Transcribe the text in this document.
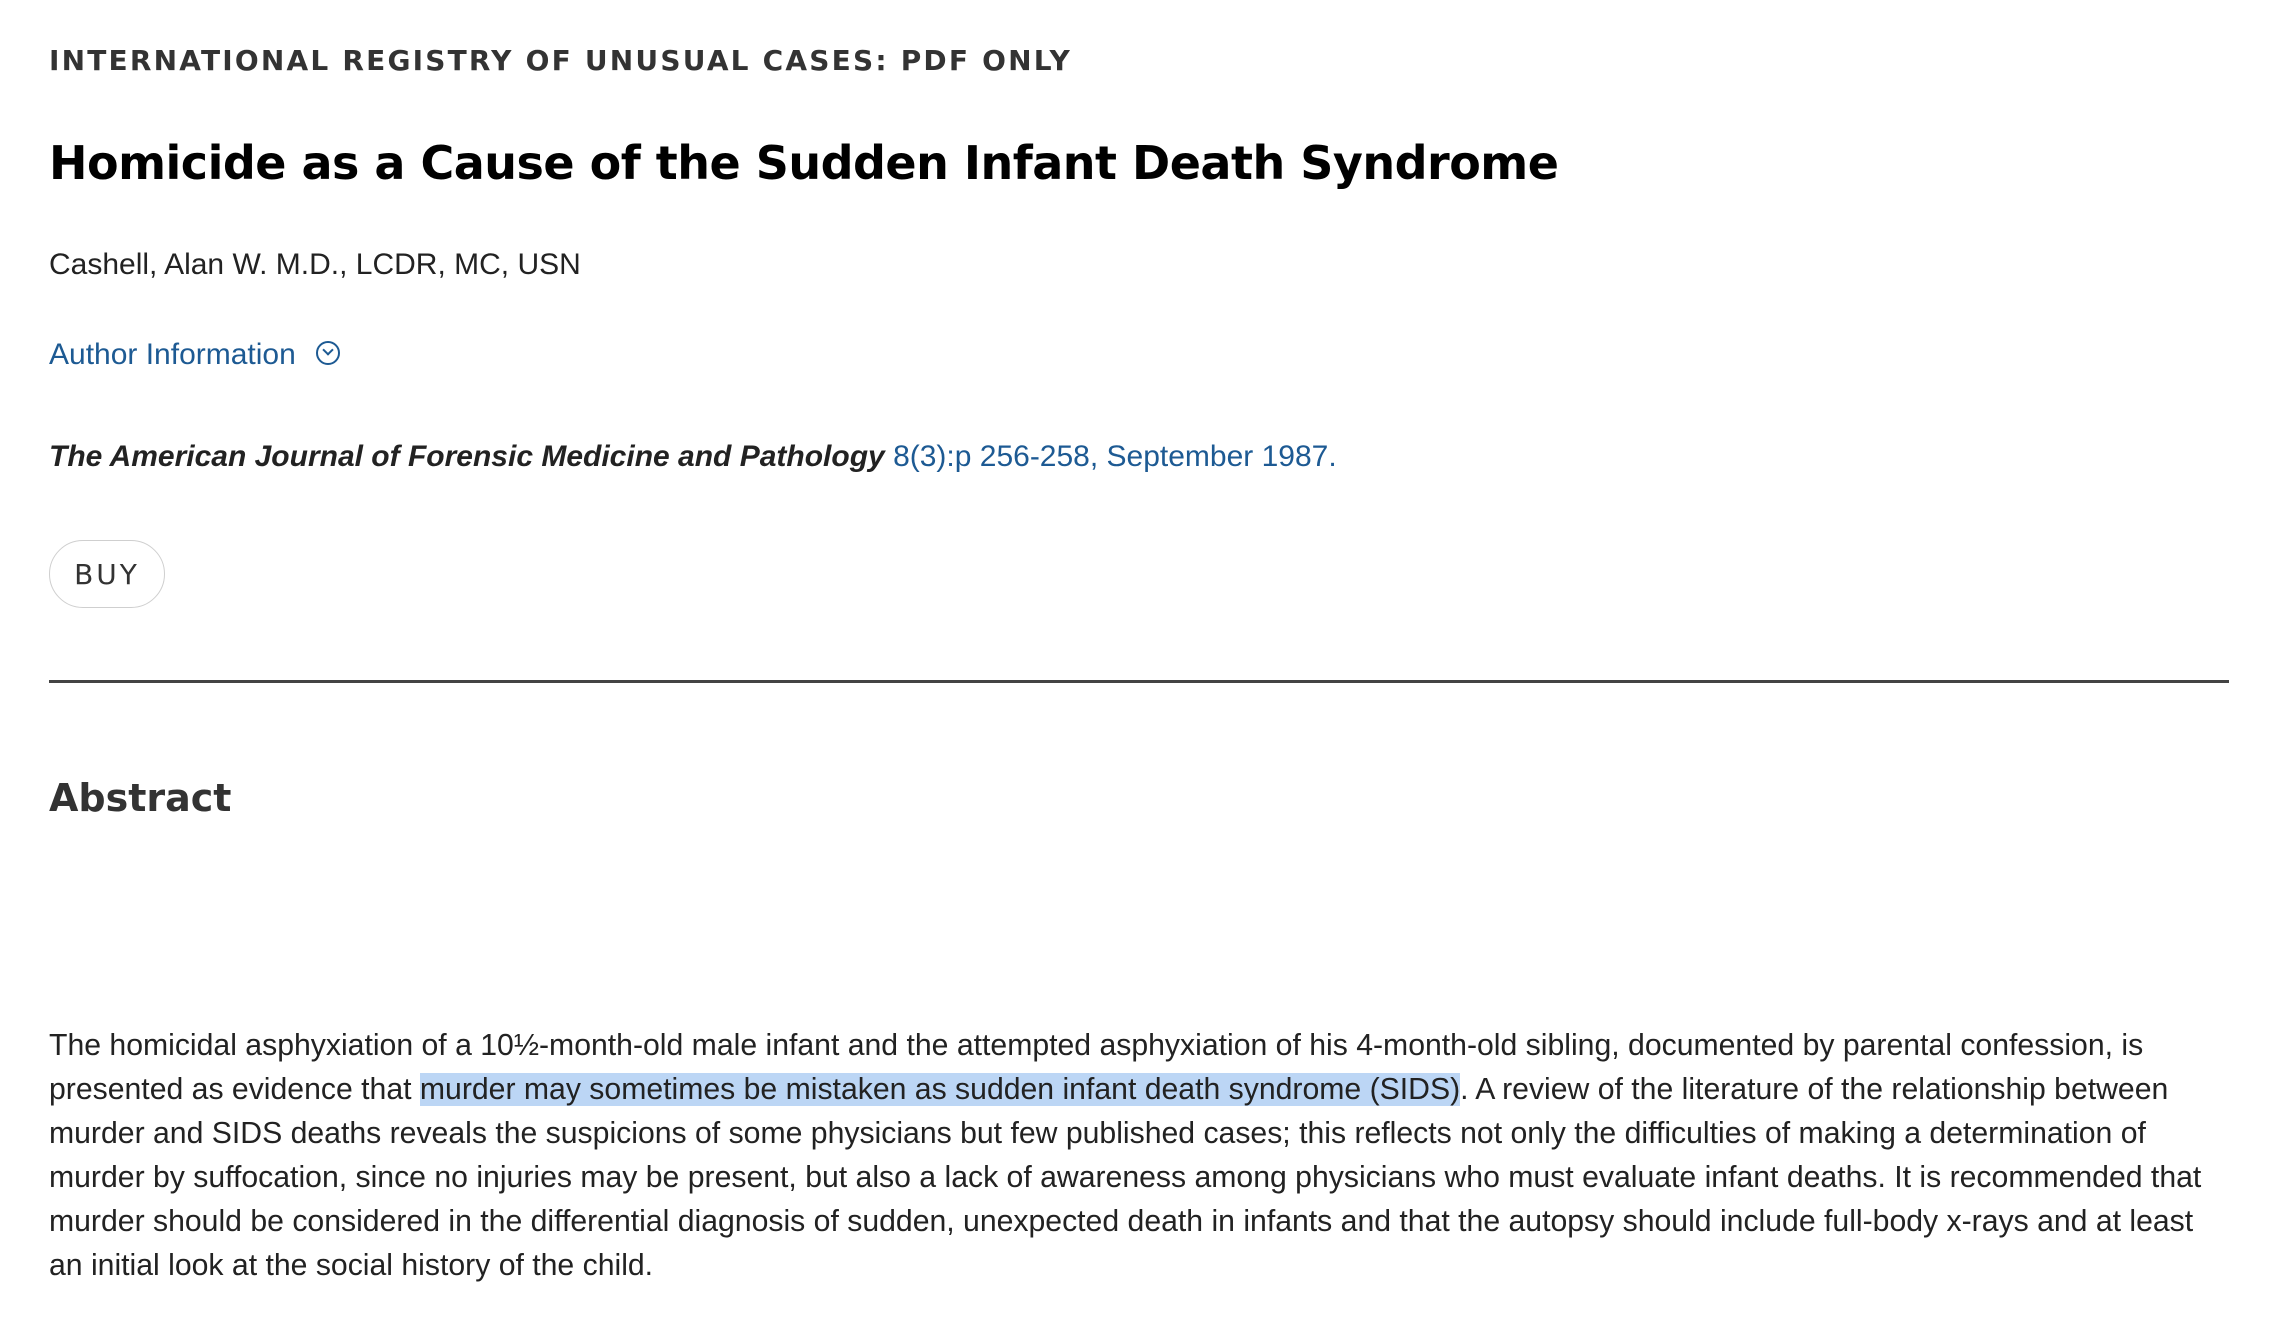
INTERNATIONAL REGISTRY OF UNUSUAL CASES: PDF ONLY
Homicide as a Cause of the Sudden Infant Death Syndrome
Cashell, Alan W. M.D., LCDR, MC, USN
Author Information
The American Journal of Forensic Medicine and Pathology 8(3):p 256-258, September 1987.
BUY
Abstract

The homicidal asphyxiation of a 10½-month-old male infant and the attempted asphyxiation of his 4-month-old sibling, documented by parental confession, is presented as evidence that murder may sometimes be mistaken as sudden infant death syndrome (SIDS). A review of the literature of the relationship between murder and SIDS deaths reveals the suspicions of some physicians but few published cases; this reflects not only the difficulties of making a determination of murder by suffocation, since no injuries may be present, but also a lack of awareness among physicians who must evaluate infant deaths. It is recommended that murder should be considered in the differential diagnosis of sudden, unexpected death in infants and that the autopsy should include full-body x-rays and at least an initial look at the social history of the child.
